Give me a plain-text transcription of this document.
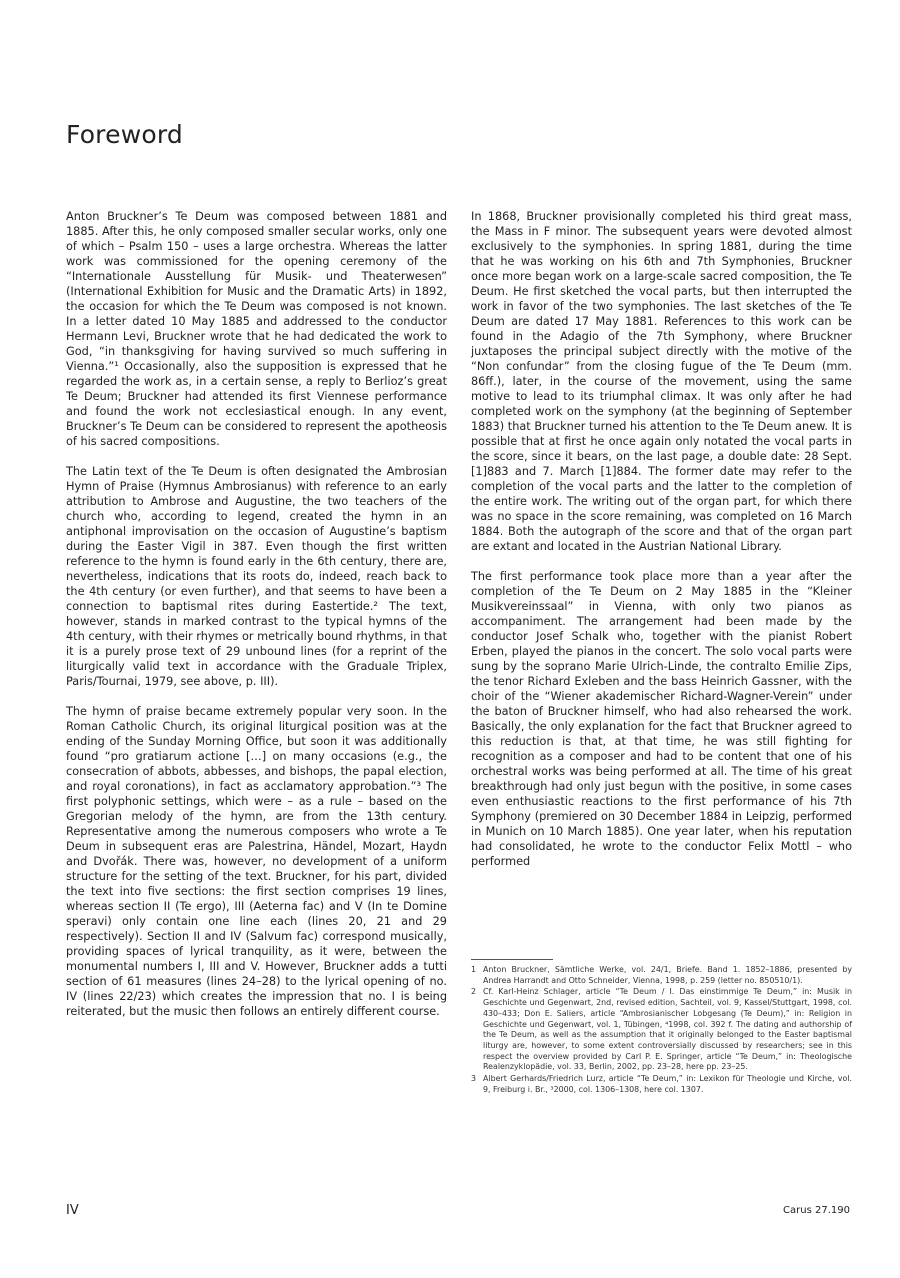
Foreword

Anton Bruckner’s Te Deum was composed between 1881 and 1885. After this, he only composed smaller secular works, only one of which – Psalm 150 – uses a large orchestra. Whereas the latter work was commissioned for the opening ceremony of the “Internationale Ausstellung für Musik- und Theaterwesen” (International Exhibition for Music and the Dramatic Arts) in 1892, the occasion for which the Te Deum was composed is not known. In a letter dated 10 May 1885 and addressed to the conductor Hermann Levi, Bruckner wrote that he had dedicated the work to God, “in thanksgiving for having survived so much suffering in Vienna.”¹ Occasionally, also the supposition is expressed that he regarded the work as, in a certain sense, a reply to Berlioz’s great Te Deum; Bruckner had attended its first Viennese performance and found the work not ecclesiastical enough. In any event, Bruckner’s Te Deum can be considered to represent the apotheosis of his sacred compositions.

The Latin text of the Te Deum is often designated the Ambrosian Hymn of Praise (Hymnus Ambrosianus) with reference to an early attribution to Ambrose and Augustine, the two teachers of the church who, according to legend, created the hymn in an antiphonal improvisation on the occasion of Augustine’s baptism during the Easter Vigil in 387. Even though the first written reference to the hymn is found early in the 6th century, there are, nevertheless, indications that its roots do, indeed, reach back to the 4th century (or even further), and that seems to have been a connection to baptismal rites during Eastertide.² The text, however, stands in marked contrast to the typical hymns of the 4th century, with their rhymes or metrically bound rhythms, in that it is a purely prose text of 29 unbound lines (for a reprint of the liturgically valid text in accordance with the Graduale Triplex, Paris/Tournai, 1979, see above, p. III).

The hymn of praise became extremely popular very soon. In the Roman Catholic Church, its original liturgical position was at the ending of the Sunday Morning Office, but soon it was additionally found “pro gratiarum actione […] on many occasions (e.g., the consecration of abbots, abbesses, and bishops, the papal election, and royal coronations), in fact as acclamatory approbation.”³ The first polyphonic settings, which were – as a rule – based on the Gregorian melody of the hymn, are from the 13th century. Representative among the numerous composers who wrote a Te Deum in subsequent eras are Palestrina, Händel, Mozart, Haydn and Dvořák. There was, however, no development of a uniform structure for the setting of the text. Bruckner, for his part, divided the text into five sections: the first section comprises 19 lines, whereas section II (Te ergo), III (Aeterna fac) and V (In te Domine speravi) only contain one line each (lines 20, 21 and 29 respectively). Section II and IV (Salvum fac) correspond musically, providing spaces of lyrical tranquility, as it were, between the monumental numbers I, III and V. However, Bruckner adds a tutti section of 61 measures (lines 24–28) to the lyrical opening of no. IV (lines 22/23) which creates the impression that no. I is being reiterated, but the music then follows an entirely different course.

In 1868, Bruckner provisionally completed his third great mass, the Mass in F minor. The subsequent years were devoted almost exclusively to the symphonies. In spring 1881, during the time that he was working on his 6th and 7th Symphonies, Bruckner once more began work on a large-scale sacred composition, the Te Deum. He first sketched the vocal parts, but then interrupted the work in favor of the two symphonies. The last sketches of the Te Deum are dated 17 May 1881. References to this work can be found in the Adagio of the 7th Symphony, where Bruckner juxtaposes the principal subject directly with the motive of the “Non confundar” from the closing fugue of the Te Deum (mm. 86ff.), later, in the course of the movement, using the same motive to lead to its triumphal climax. It was only after he had completed work on the symphony (at the beginning of September 1883) that Bruckner turned his attention to the Te Deum anew. It is possible that at first he once again only notated the vocal parts in the score, since it bears, on the last page, a double date: 28 Sept. [1]883 and 7. March [1]884. The former date may refer to the completion of the vocal parts and the latter to the completion of the entire work. The writing out of the organ part, for which there was no space in the score remaining, was completed on 16 March 1884. Both the autograph of the score and that of the organ part are extant and located in the Austrian National Library.

The first performance took place more than a year after the completion of the Te Deum on 2 May 1885 in the “Kleiner Musikvereinssaal” in Vienna, with only two pianos as accompaniment. The arrangement had been made by the conductor Josef Schalk who, together with the pianist Robert Erben, played the pianos in the concert. The solo vocal parts were sung by the soprano Marie Ulrich-Linde, the contralto Emilie Zips, the tenor Richard Exleben and the bass Heinrich Gassner, with the choir of the “Wiener akademischer Richard-Wagner-Verein” under the baton of Bruckner himself, who had also rehearsed the work. Basically, the only explanation for the fact that Bruckner agreed to this reduction is that, at that time, he was still fighting for recognition as a composer and had to be content that one of his orchestral works was being performed at all. The time of his great breakthrough had only just begun with the positive, in some cases even enthusiastic reactions to the first performance of his 7th Symphony (premiered on 30 December 1884 in Leipzig, performed in Munich on 10 March 1885). One year later, when his reputation had consolidated, he wrote to the conductor Felix Mottl – who performed

1 Anton Bruckner, Sämtliche Werke, vol. 24/1, Briefe. Band 1. 1852–1886, presented by Andrea Harrandt and Otto Schneider, Vienna, 1998, p. 259 (letter no. 850510/1).
2 Cf. Karl-Heinz Schlager, article “Te Deum / I. Das einstimmige Te Deum,” in: Musik in Geschichte und Gegenwart, 2nd, revised edition, Sachteil, vol. 9, Kassel/Stuttgart, 1998, col. 430–433; Don E. Saliers, article “Ambrosianischer Lobgesang (Te Deum),” in: Religion in Geschichte und Gegenwart, vol. 1, Tübingen, ⁴1998, col. 392 f. The dating and authorship of the Te Deum, as well as the assumption that it originally belonged to the Easter baptismal liturgy are, however, to some extent controversially discussed by researchers; see in this respect the overview provided by Carl P. E. Springer, article “Te Deum,” in: Theologische Realenzyklopädie, vol. 33, Berlin, 2002, pp. 23–28, here pp. 23–25.
3 Albert Gerhards/Friedrich Lurz, article “Te Deum,” in: Lexikon für Theologie und Kirche, vol. 9, Freiburg i. Br., ³2000, col. 1306–1308, here col. 1307.
IV	Carus 27.190
